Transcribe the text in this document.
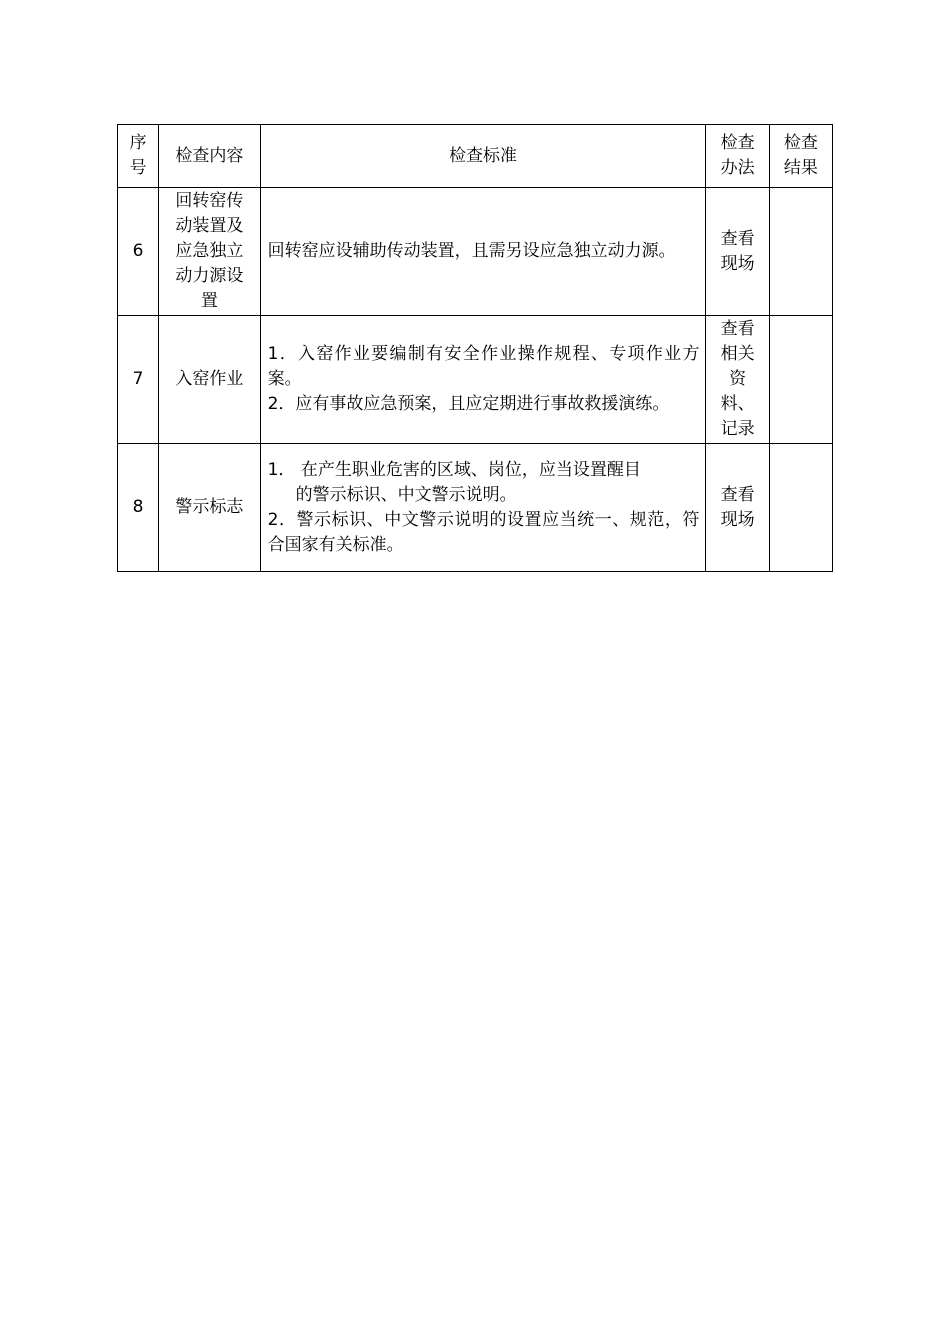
序号	检查内容	检查标准	检查办法	检查结果

6	回转窑传动装置及应急独立动力源设置	回转窑应设辅助传动装置，且需另设应急独立动力源。	查看现场	

7	入窑作业	1．入窑作业要编制有安全作业操作规程、专项作业方案。
2．应有事故应急预案，且应定期进行事故救援演练。	查看相关资料、记录	

8	警示标志	1． 在产生职业危害的区域、岗位，应当设置醒目
的警示标识、中文警示说明。
2．警示标识、中文警示说明的设置应当统一、规范，符合国家有关标准。	查看现场	
